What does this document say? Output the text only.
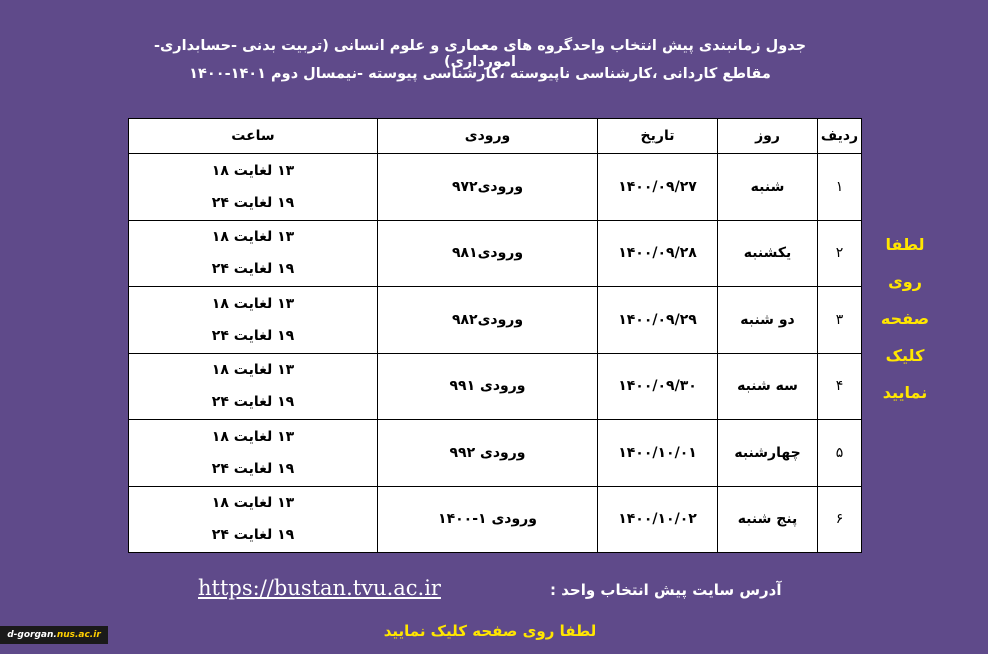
جدول زمانبندی پیش انتخاب واحدگروه های معماری و علوم انسانی (تربیت بدنی -حسابداری-امورداری)
مقاطع کاردانی ،کارشناسی ناپیوسته ،کارشناسی پیوسته -نیمسال دوم ۱۴۰۱-۱۴۰۰
ردیف	روز	تاریخ	ورودی	ساعت
۱	شنبه	۱۴۰۰/۰۹/۲۷	ورودی۹۷۲	۱۳ لغایت ۱۸
۱۹ لغایت ۲۴

۲	یکشنبه	۱۴۰۰/۰۹/۲۸	ورودی۹۸۱	۱۳ لغایت ۱۸
۱۹ لغایت ۲۴

۳	دو شنبه	۱۴۰۰/۰۹/۲۹	ورودی۹۸۲	۱۳ لغایت ۱۸
۱۹ لغایت ۲۴

۴	سه شنبه	۱۴۰۰/۰۹/۳۰	ورودی ۹۹۱	۱۳ لغایت ۱۸
۱۹ لغایت ۲۴

۵	چهارشنبه	۱۴۰۰/۱۰/۰۱	ورودی ۹۹۲	۱۳ لغایت ۱۸
۱۹ لغایت ۲۴

۶	پنج شنبه	۱۴۰۰/۱۰/۰۲	ورودی ۱-۱۴۰۰	۱۳ لغایت ۱۸
۱۹ لغایت ۲۴
لطفا
روی
صفحه
کلیک
نمایید
https://bustan.tvu.ac.ir	آدرس سایت پیش انتخاب واحد :
لطفا روی صفحه کلیک نمایید
d-gorgan.nus.ac.ir
